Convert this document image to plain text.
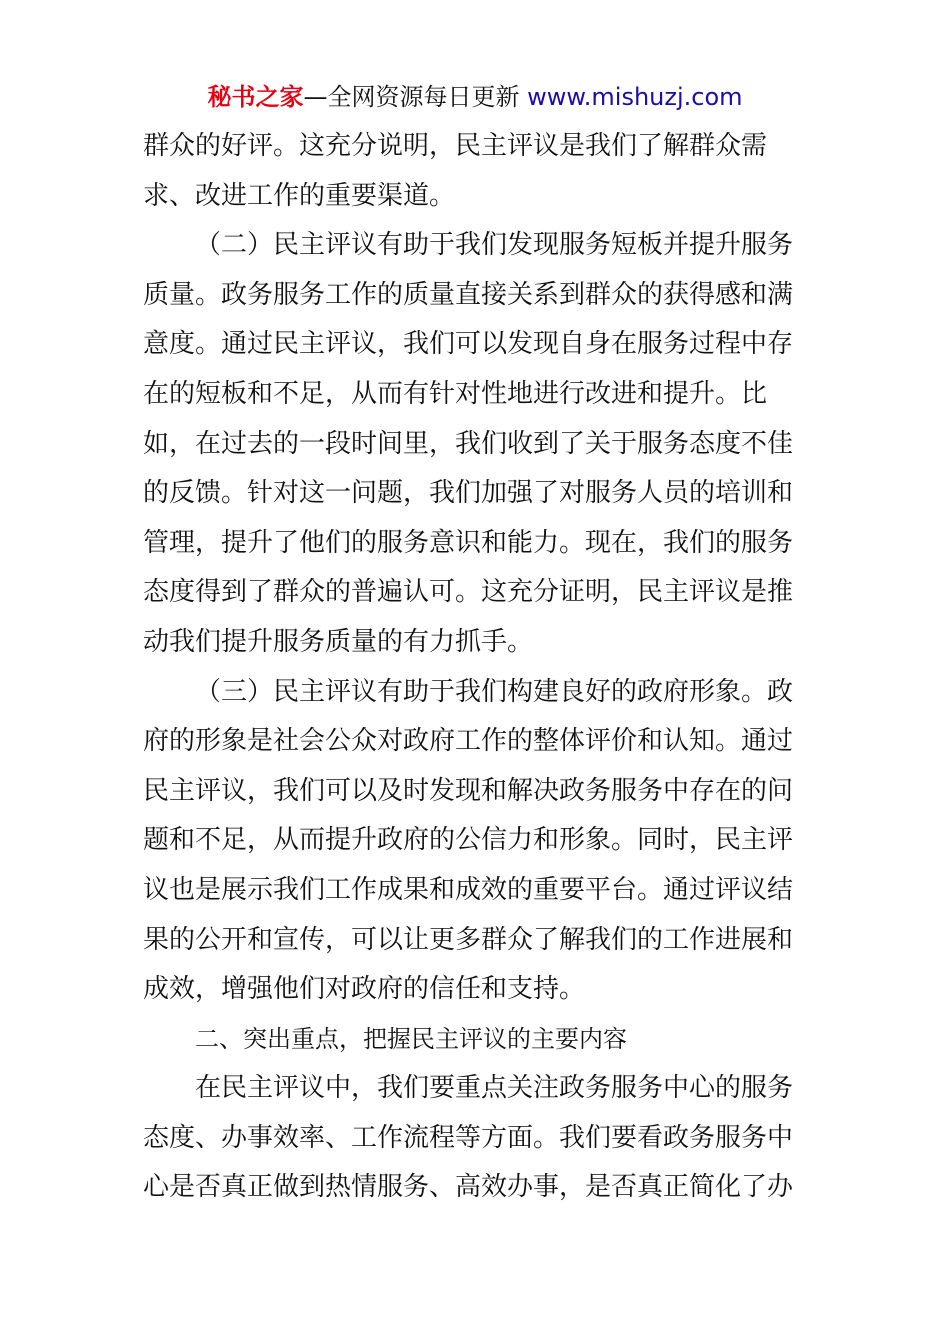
秘书之家—全网资源每日更新 www.mishuzj.com
群众的好评。这充分说明，民主评议是我们了解群众需
求、改进工作的重要渠道。
（二）民主评议有助于我们发现服务短板并提升服务
质量。政务服务工作的质量直接关系到群众的获得感和满
意度。通过民主评议，我们可以发现自身在服务过程中存
在的短板和不足，从而有针对性地进行改进和提升。比
如，在过去的一段时间里，我们收到了关于服务态度不佳
的反馈。针对这一问题，我们加强了对服务人员的培训和
管理，提升了他们的服务意识和能力。现在，我们的服务
态度得到了群众的普遍认可。这充分证明，民主评议是推
动我们提升服务质量的有力抓手。
（三）民主评议有助于我们构建良好的政府形象。政
府的形象是社会公众对政府工作的整体评价和认知。通过
民主评议，我们可以及时发现和解决政务服务中存在的问
题和不足，从而提升政府的公信力和形象。同时，民主评
议也是展示我们工作成果和成效的重要平台。通过评议结
果的公开和宣传，可以让更多群众了解我们的工作进展和
成效，增强他们对政府的信任和支持。
二、突出重点，把握民主评议的主要内容
在民主评议中，我们要重点关注政务服务中心的服务
态度、办事效率、工作流程等方面。我们要看政务服务中
心是否真正做到热情服务、高效办事，是否真正简化了办
